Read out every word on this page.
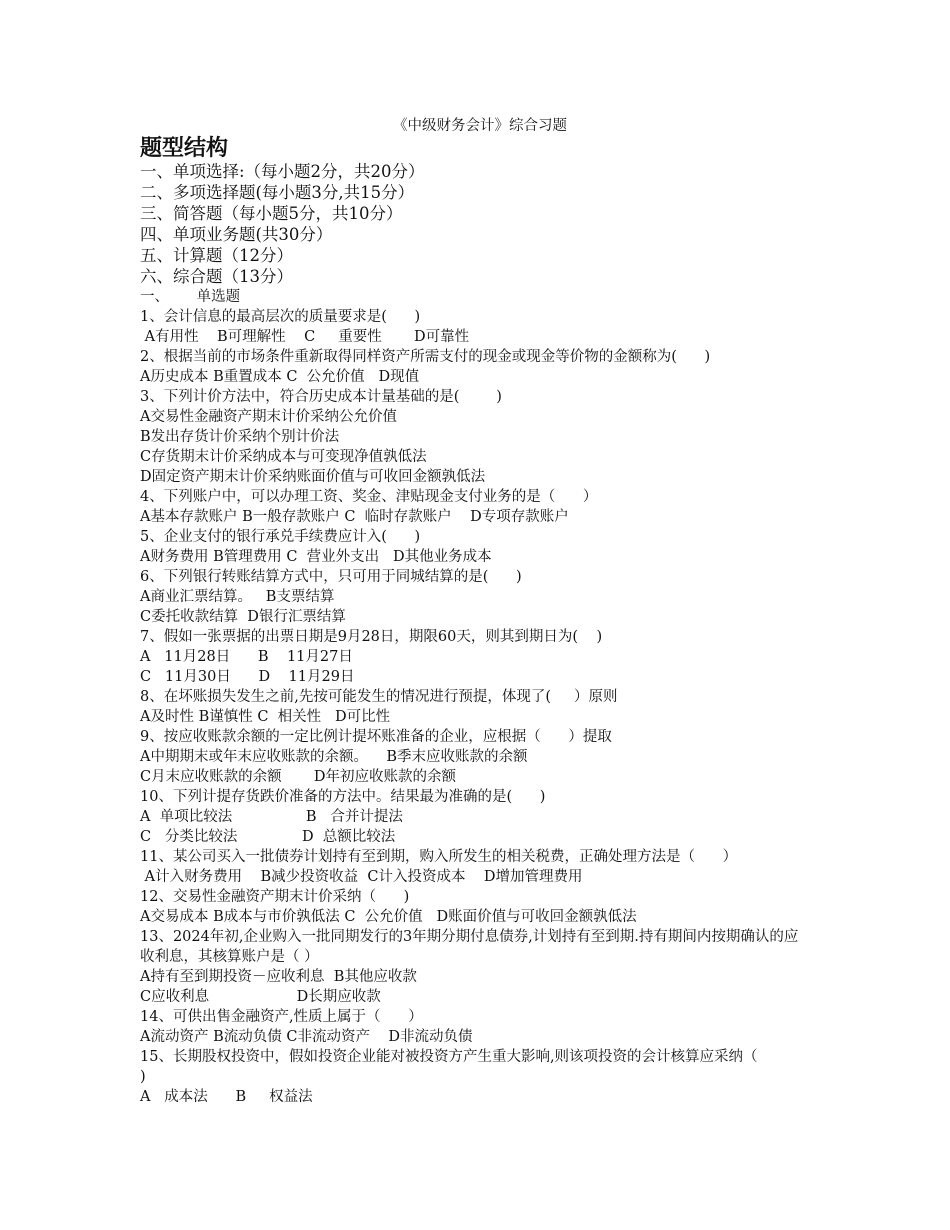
《中级财务会计》综合习题
题型结构
一、单项选择:（每小题2分，共20分）
二、多项选择题(每小题3分,共15分）
三、简答题（每小题5分，共10分）
四、单项业务题(共30分）
五、计算题（12分）
六、综合题（13分）
一、      单选题
1、会计信息的最高层次的质量要求是(      )
A有用性    B可理解性    C     重要性       D可靠性
2、根据当前的市场条件重新取得同样资产所需支付的现金或现金等价物的金额称为(      )
A历史成本 B重置成本 C  公允价值   D现值
3、下列计价方法中，符合历史成本计量基础的是(        )
A交易性金融资产期末计价采纳公允价值
B发出存货计价采纳个别计价法
C存货期末计价采纳成本与可变现净值孰低法
D固定资产期末计价采纳账面价值与可收回金额孰低法
4、下列账户中，可以办理工资、奖金、津贴现金支付业务的是（      ）
A基本存款账户 B一般存款账户 C  临时存款账户    D专项存款账户
5、企业支付的银行承兑手续费应计入(      )
A财务费用 B管理费用 C  营业外支出   D其他业务成本
6、下列银行转账结算方式中，只可用于同城结算的是(      )
A商业汇票结算。   B支票结算
C委托收款结算  D银行汇票结算
7、假如一张票据的出票日期是9月28日，期限60天，则其到期日为(    )
A   11月28日      B    11月27日
C   11月30日      D    11月29日
8、在坏账损失发生之前,先按可能发生的情况进行预提，体现了(     ）原则
A及时性 B谨慎性 C  相关性   D可比性
9、按应收账款余额的一定比例计提坏账准备的企业，应根据（      ）提取
A中期期末或年末应收账款的余额。    B季末应收账款的余额
C月末应收账款的余额       D年初应收账款的余额
10、下列计提存货跌价准备的方法中。结果最为准确的是(      )
A  单项比较法                B   合并计提法
C   分类比较法              D  总额比较法
11、某公司买入一批债券计划持有至到期，购入所发生的相关税费，正确处理方法是（      ）
A计入财务费用    B减少投资收益  C计入投资成本    D增加管理费用
12、交易性金融资产期末计价采纳（      )
A交易成本 B成本与市价孰低法 C  公允价值   D账面价值与可收回金额孰低法
13、2024年初,企业购入一批同期发行的3年期分期付息债券,计划持有至到期.持有期间内按期确认的应收利息，其核算账户是（ ）
A持有至到期投资－应收利息  B其他应收款
C应收利息                   D长期应收款
14、可供出售金融资产,性质上属于（      ）
A流动资产 B流动负债 C非流动资产    D非流动负债
15、长期股权投资中，假如投资企业能对被投资方产生重大影响,则该项投资的会计核算应采纳（
)
A   成本法      B     权益法
